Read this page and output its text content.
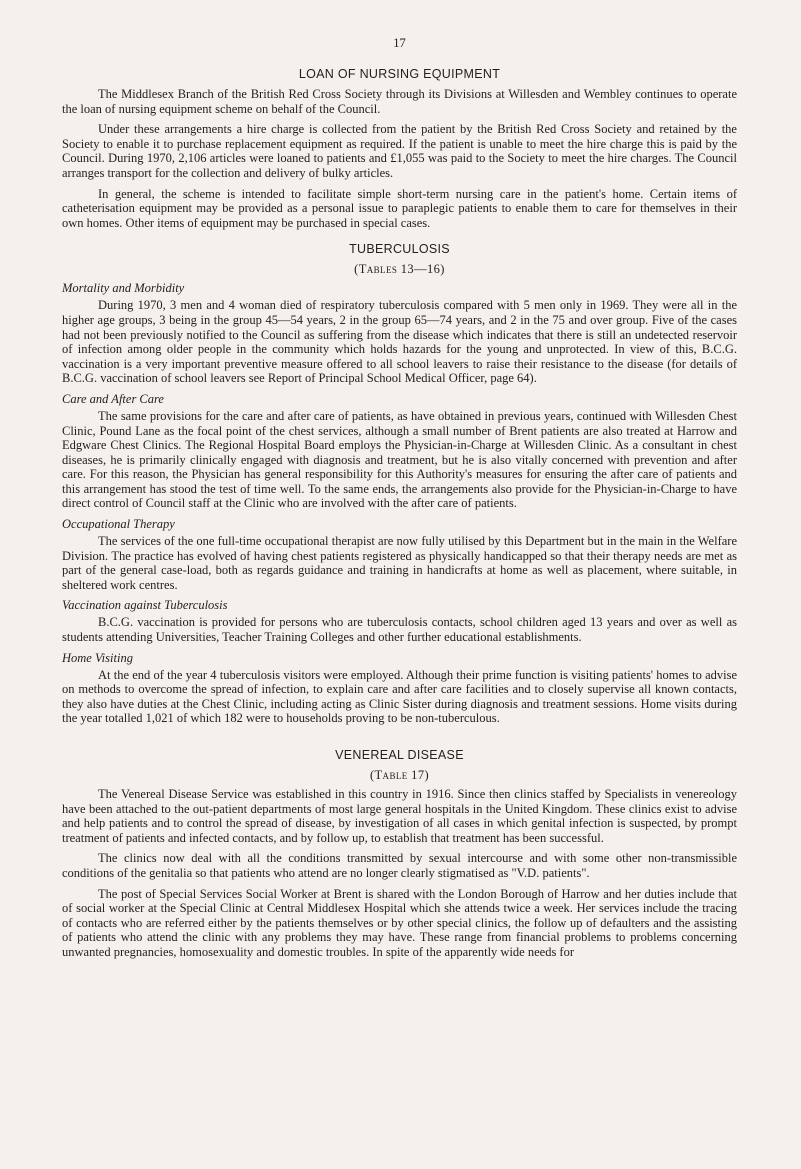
17
LOAN OF NURSING EQUIPMENT

The Middlesex Branch of the British Red Cross Society through its Divisions at Willesden and Wembley continues to operate the loan of nursing equipment scheme on behalf of the Council.

Under these arrangements a hire charge is collected from the patient by the British Red Cross Society and retained by the Society to enable it to purchase replacement equipment as required. If the patient is unable to meet the hire charge this is paid by the Council. During 1970, 2,106 articles were loaned to patients and £1,055 was paid to the Society to meet the hire charges. The Council arranges transport for the collection and delivery of bulky articles.

In general, the scheme is intended to facilitate simple short-term nursing care in the patient's home. Certain items of catheterisation equipment may be provided as a personal issue to paraplegic patients to enable them to care for themselves in their own homes. Other items of equipment may be purchased in special cases.

TUBERCULOSIS
(Tables 13—16)
Mortality and Morbidity

During 1970, 3 men and 4 woman died of respiratory tuberculosis compared with 5 men only in 1969. They were all in the higher age groups, 3 being in the group 45—54 years, 2 in the group 65—74 years, and 2 in the 75 and over group. Five of the cases had not been previously notified to the Council as suffering from the disease which indicates that there is still an undetected reservoir of infection among older people in the community which holds hazards for the young and unprotected. In view of this, B.C.G. vaccination is a very important preventive measure offered to all school leavers to raise their resistance to the disease (for details of B.C.G. vaccination of school leavers see Report of Principal School Medical Officer, page 64).

Care and After Care

The same provisions for the care and after care of patients, as have obtained in previous years, continued with Willesden Chest Clinic, Pound Lane as the focal point of the chest services, although a small number of Brent patients are also treated at Harrow and Edgware Chest Clinics. The Regional Hospital Board employs the Physician-in-Charge at Willesden Clinic. As a consultant in chest diseases, he is primarily clinically engaged with diagnosis and treatment, but he is also vitally concerned with prevention and after care. For this reason, the Physician has general responsibility for this Authority's measures for ensuring the after care of patients and this arrangement has stood the test of time well. To the same ends, the arrangements also provide for the Physician-in-Charge to have direct control of Council staff at the Clinic who are involved with the after care of patients.

Occupational Therapy

The services of the one full-time occupational therapist are now fully utilised by this Department but in the main in the Welfare Division. The practice has evolved of having chest patients registered as physically handicapped so that their therapy needs are met as part of the general case-load, both as regards guidance and training in handicrafts at home as well as placement, where suitable, in sheltered work centres.

Vaccination against Tuberculosis

B.C.G. vaccination is provided for persons who are tuberculosis contacts, school children aged 13 years and over as well as students attending Universities, Teacher Training Colleges and other further educational establishments.

Home Visiting

At the end of the year 4 tuberculosis visitors were employed. Although their prime function is visiting patients' homes to advise on methods to overcome the spread of infection, to explain care and after care facilities and to closely supervise all known contacts, they also have duties at the Chest Clinic, including acting as Clinic Sister during diagnosis and treatment sessions. Home visits during the year totalled 1,021 of which 182 were to households proving to be non-tuberculous.

VENEREAL DISEASE
(Table 17)

The Venereal Disease Service was established in this country in 1916. Since then clinics staffed by Specialists in venereology have been attached to the out-patient departments of most large general hospitals in the United Kingdom. These clinics exist to advise and help patients and to control the spread of disease, by investigation of all cases in which genital infection is suspected, by prompt treatment of patients and infected contacts, and by follow up, to establish that treatment has been successful.

The clinics now deal with all the conditions transmitted by sexual intercourse and with some other non-transmissible conditions of the genitalia so that patients who attend are no longer clearly stigmatised as "V.D. patients".

The post of Special Services Social Worker at Brent is shared with the London Borough of Harrow and her duties include that of social worker at the Special Clinic at Central Middlesex Hospital which she attends twice a week. Her services include the tracing of contacts who are referred either by the patients themselves or by other special clinics, the follow up of defaulters and the assisting of patients who attend the clinic with any problems they may have. These range from financial problems to problems concerning unwanted pregnancies, homosexuality and domestic troubles. In spite of the apparently wide needs for
